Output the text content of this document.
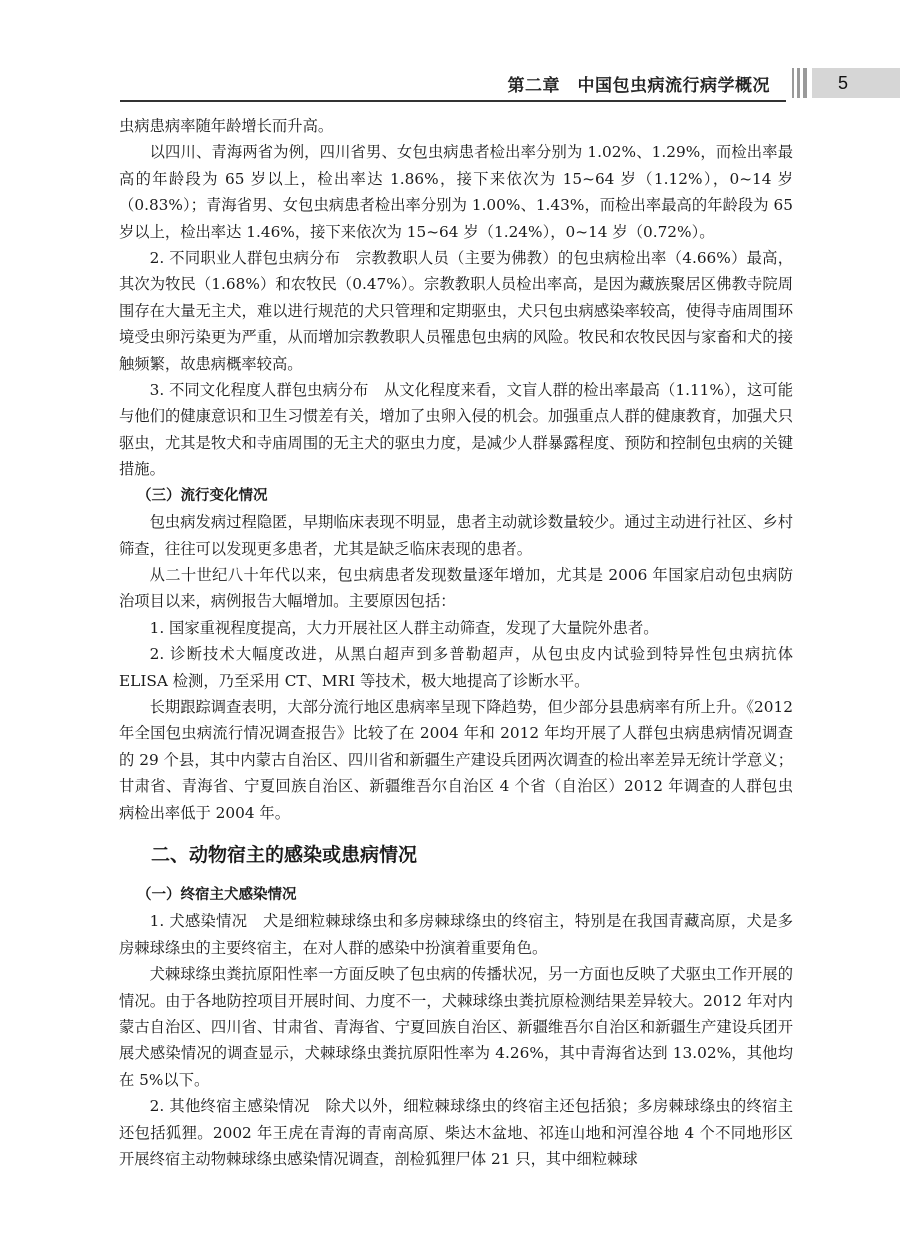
第二章　中国包虫病流行病学概况	5

虫病患病率随年龄增长而升高。

以四川、青海两省为例，四川省男、女包虫病患者检出率分别为 1.02%、1.29%，而检出率最高的年龄段为 65 岁以上，检出率达 1.86%，接下来依次为 15~64 岁（1.12%），0~14 岁（0.83%）；青海省男、女包虫病患者检出率分别为 1.00%、1.43%，而检出率最高的年龄段为 65 岁以上，检出率达 1.46%，接下来依次为 15~64 岁（1.24%），0~14 岁（0.72%）。

2. 不同职业人群包虫病分布　宗教教职人员（主要为佛教）的包虫病检出率（4.66%）最高，其次为牧民（1.68%）和农牧民（0.47%）。宗教教职人员检出率高，是因为藏族聚居区佛教寺院周围存在大量无主犬，难以进行规范的犬只管理和定期驱虫，犬只包虫病感染率较高，使得寺庙周围环境受虫卵污染更为严重，从而增加宗教教职人员罹患包虫病的风险。牧民和农牧民因与家畜和犬的接触频繁，故患病概率较高。

3. 不同文化程度人群包虫病分布　从文化程度来看，文盲人群的检出率最高（1.11%），这可能与他们的健康意识和卫生习惯差有关，增加了虫卵入侵的机会。加强重点人群的健康教育，加强犬只驱虫，尤其是牧犬和寺庙周围的无主犬的驱虫力度，是减少人群暴露程度、预防和控制包虫病的关键措施。

（三）流行变化情况

包虫病发病过程隐匿，早期临床表现不明显，患者主动就诊数量较少。通过主动进行社区、乡村筛查，往往可以发现更多患者，尤其是缺乏临床表现的患者。

从二十世纪八十年代以来，包虫病患者发现数量逐年增加，尤其是 2006 年国家启动包虫病防治项目以来，病例报告大幅增加。主要原因包括：

1. 国家重视程度提高，大力开展社区人群主动筛查，发现了大量院外患者。

2. 诊断技术大幅度改进，从黑白超声到多普勒超声，从包虫皮内试验到特异性包虫病抗体 ELISA 检测，乃至采用 CT、MRI 等技术，极大地提高了诊断水平。

长期跟踪调查表明，大部分流行地区患病率呈现下降趋势，但少部分县患病率有所上升。《2012 年全国包虫病流行情况调查报告》比较了在 2004 年和 2012 年均开展了人群包虫病患病情况调查的 29 个县，其中内蒙古自治区、四川省和新疆生产建设兵团两次调查的检出率差异无统计学意义；甘肃省、青海省、宁夏回族自治区、新疆维吾尔自治区 4 个省（自治区）2012 年调查的人群包虫病检出率低于 2004 年。

二、动物宿主的感染或患病情况

（一）终宿主犬感染情况

1. 犬感染情况　犬是细粒棘球绦虫和多房棘球绦虫的终宿主，特别是在我国青藏高原，犬是多房棘球绦虫的主要终宿主，在对人群的感染中扮演着重要角色。

犬棘球绦虫粪抗原阳性率一方面反映了包虫病的传播状况，另一方面也反映了犬驱虫工作开展的情况。由于各地防控项目开展时间、力度不一，犬棘球绦虫粪抗原检测结果差异较大。2012 年对内蒙古自治区、四川省、甘肃省、青海省、宁夏回族自治区、新疆维吾尔自治区和新疆生产建设兵团开展犬感染情况的调查显示，犬棘球绦虫粪抗原阳性率为 4.26%，其中青海省达到 13.02%，其他均在 5%以下。

2. 其他终宿主感染情况　除犬以外，细粒棘球绦虫的终宿主还包括狼；多房棘球绦虫的终宿主还包括狐狸。2002 年王虎在青海的青南高原、柴达木盆地、祁连山地和河湟谷地 4 个不同地形区开展终宿主动物棘球绦虫感染情况调查，剖检狐狸尸体 21 只，其中细粒棘球
